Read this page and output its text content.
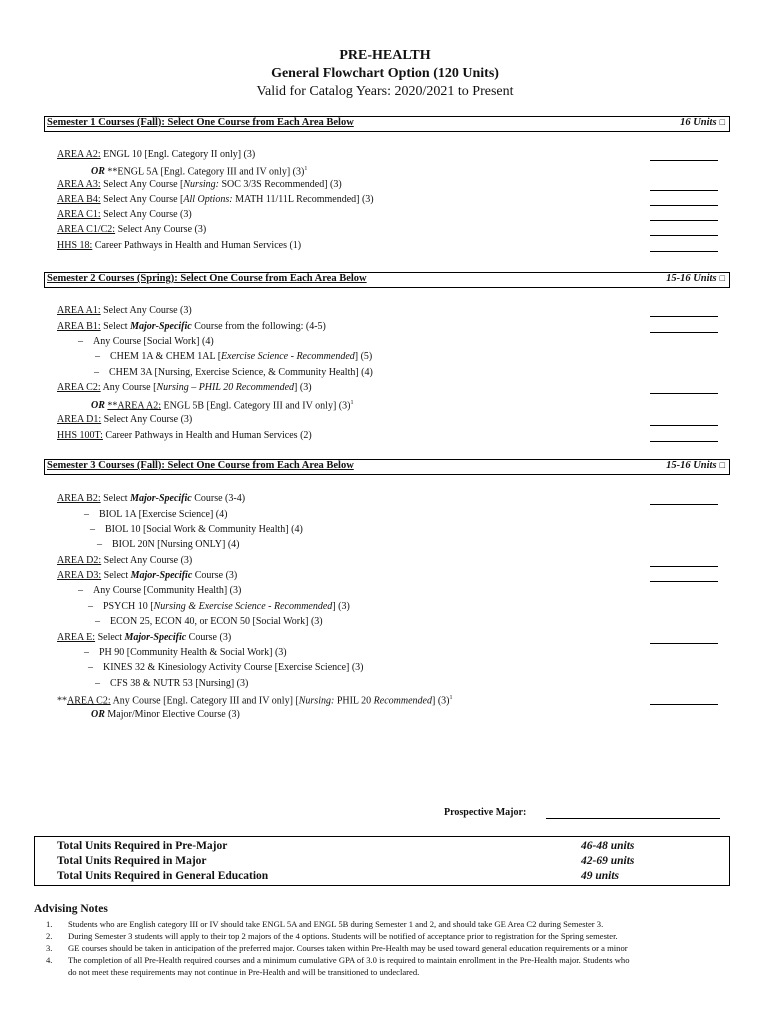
PRE-HEALTH
General Flowchart Option (120 Units)
Valid for Catalog Years: 2020/2021 to Present
Semester 1 Courses (Fall): Select One Course from Each Area Below	16 Units □
Semester 2 Courses (Spring): Select One Course from Each Area Below	15-16 Units □
Semester 3 Courses (Fall): Select One Course from Each Area Below	15-16 Units □
AREA A2: ENGL 10 [Engl. Category II only] (3)
OR **ENGL 5A [Engl. Category III and IV only] $(3)^1$
AREA A3: Select Any Course [Nursing: SOC 3/3S Recommended] (3)
AREA B4: Select Any Course [All Options: MATH 11/11L Recommended] (3)
AREA C1: Select Any Course (3)
AREA C1/C2: Select Any Course (3)
HHS 18: Career Pathways in Health and Human Services (1)
AREA A1: Select Any Course (3)
AREA B1: Select Major-Specific Course from the following: (4-5)
– Any Course [Social Work] (4)
– CHEM 1A & CHEM 1AL [Exercise Science - Recommended] (5)
– CHEM 3A [Nursing, Exercise Science, & Community Health] (4)
AREA C2: Any Course [Nursing – PHIL 20 Recommended] (3)
OR **AREA A2: ENGL 5B [Engl. Category III and IV only] $(3)^1$
AREA D1: Select Any Course (3)
HHS 100T: Career Pathways in Health and Human Services (2)
AREA B2: Select Major-Specific Course (3-4)
– BIOL 1A [Exercise Science] (4)
– BIOL 10 [Social Work & Community Health] (4)
– BIOL 20N [Nursing ONLY] (4)
AREA D2: Select Any Course (3)
AREA D3: Select Major-Specific Course (3)
– Any Course [Community Health] (3)
– PSYCH 10 [Nursing & Exercise Science - Recommended] (3)
– ECON 25, ECON 40, or ECON 50 [Social Work] (3)
AREA E: Select Major-Specific Course (3)
– PH 90 [Community Health & Social Work] (3)
– KINES 32 & Kinesiology Activity Course [Exercise Science] (3)
– CFS 38 & NUTR 53 [Nursing] (3)
**AREA C2: Any Course [Engl. Category III and IV only] [Nursing: PHIL 20 Recommended] $(3)^1$
OR Major/Minor Elective Course (3)
Prospective Major:
Total Units Required in Pre-Major	46-48 units
Total Units Required in Major	42-69 units
Total Units Required in General Education	49 units
Advising Notes
1. Students who are English category III or IV should take ENGL 5A and ENGL 5B during Semester 1 and 2, and should take GE Area C2 during Semester 3.
2. During Semester 3 students will apply to their top 2 majors of the 4 options. Students will be notified of acceptance prior to registration for the Spring semester.
3. GE courses should be taken in anticipation of the preferred major. Courses taken within Pre-Health may be used toward general education requirements or a minor
4. The completion of all Pre-Health required courses and a minimum cumulative GPA of 3.0 is required to maintain enrollment in the Pre-Health major. Students who
do not meet these requirements may not continue in Pre-Health and will be transitioned to undeclared.
